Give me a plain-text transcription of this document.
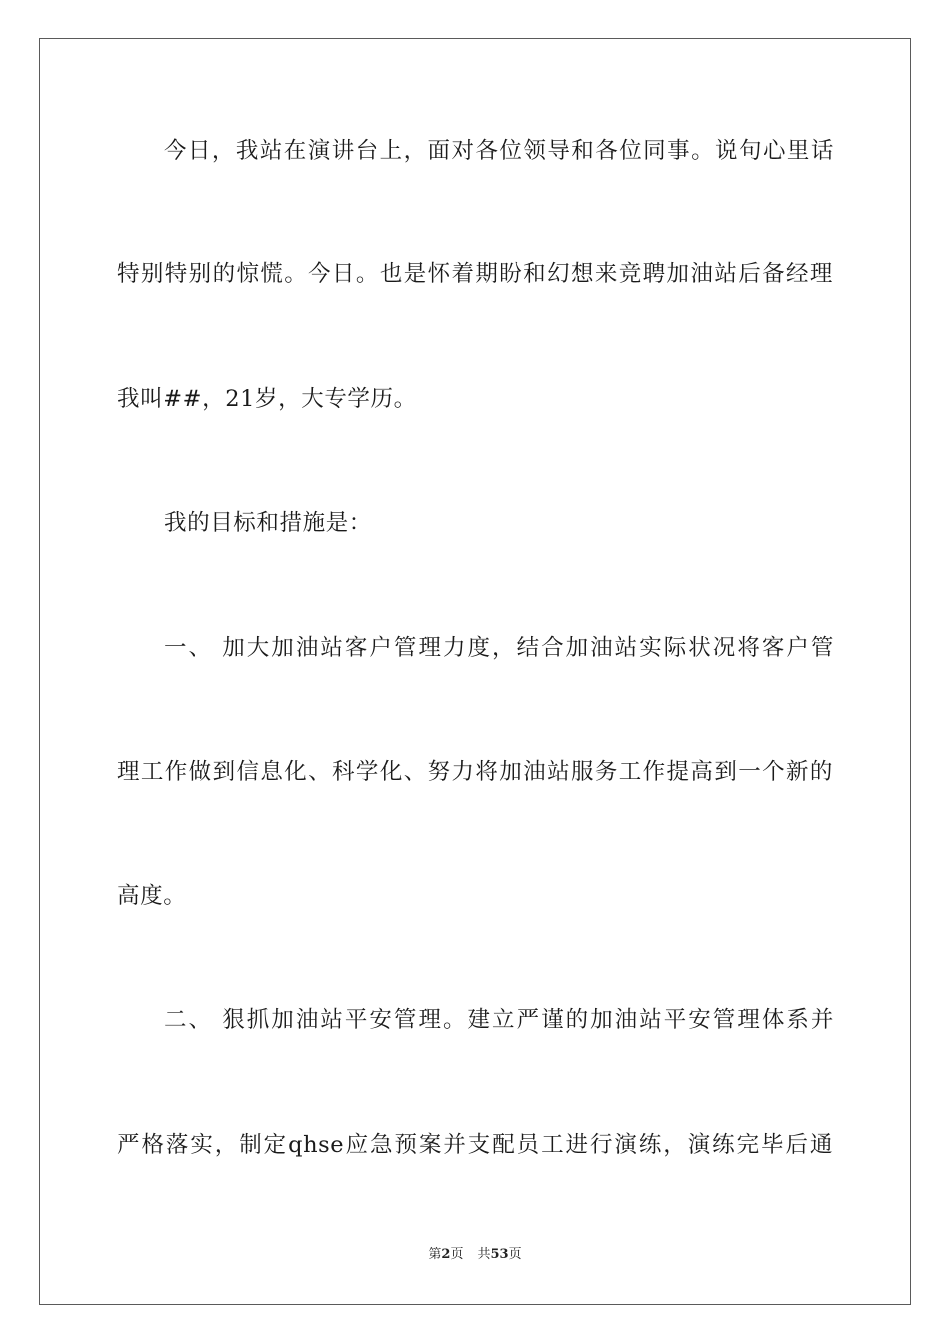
今日，我站在演讲台上，面对各位领导和各位同事。说句心里话
特别特别的惊慌。今日。也是怀着期盼和幻想来竞聘加油站后备经理
我叫##，21岁，大专学历。
我的目标和措施是：
一、 加大加油站客户管理力度，结合加油站实际状况将客户管
理工作做到信息化、科学化、努力将加油站服务工作提高到一个新的
高度。
二、 狠抓加油站平安管理。建立严谨的加油站平安管理体系并
严格落实，制定qhse应急预案并支配员工进行演练，演练完毕后通
第2页 共53页
